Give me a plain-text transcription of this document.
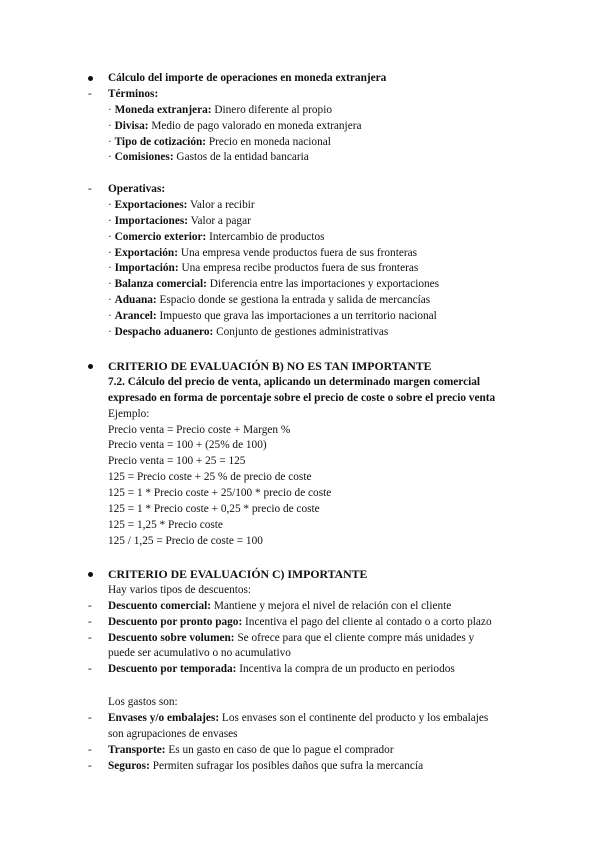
Cálculo del importe de operaciones en moneda extranjera
- Términos:
· Moneda extranjera: Dinero diferente al propio
· Divisa: Medio de pago valorado en moneda extranjera
· Tipo de cotización: Precio en moneda nacional
· Comisiones: Gastos de la entidad bancaria
- Operativas:
· Exportaciones: Valor a recibir
· Importaciones: Valor a pagar
· Comercio exterior: Intercambio de productos
· Exportación: Una empresa vende productos fuera de sus fronteras
· Importación: Una empresa recibe productos fuera de sus fronteras
· Balanza comercial: Diferencia entre las importaciones y exportaciones
· Aduana: Espacio donde se gestiona la entrada y salida de mercancías
· Arancel: Impuesto que grava las importaciones a un territorio nacional
· Despacho aduanero: Conjunto de gestiones administrativas
CRITERIO DE EVALUACIÓN B) NO ES TAN IMPORTANTE
7.2. Cálculo del precio de venta, aplicando un determinado margen comercial
expresado en forma de porcentaje sobre el precio de coste o sobre el precio venta
Ejemplo:
Precio venta = Precio coste + Margen %
Precio venta = 100 + (25% de 100)
Precio venta = 100 + 25 = 125
125 = Precio coste + 25 % de precio de coste
125 = 1 * Precio coste + 25/100 * precio de coste
125 = 1 * Precio coste + 0,25 * precio de coste
125 = 1,25 * Precio coste
125 / 1,25 = Precio de coste = 100
CRITERIO DE EVALUACIÓN C) IMPORTANTE
Hay varios tipos de descuentos:
- Descuento comercial: Mantiene y mejora el nivel de relación con el cliente
- Descuento por pronto pago: Incentiva el pago del cliente al contado o a corto plazo
- Descuento sobre volumen: Se ofrece para que el cliente compre más unidades y
puede ser acumulativo o no acumulativo
- Descuento por temporada: Incentiva la compra de un producto en periodos
Los gastos son:
- Envases y/o embalajes: Los envases son el continente del producto y los embalajes
son agrupaciones de envases
- Transporte: Es un gasto en caso de que lo pague el comprador
- Seguros: Permiten sufragar los posibles daños que sufra la mercancía
